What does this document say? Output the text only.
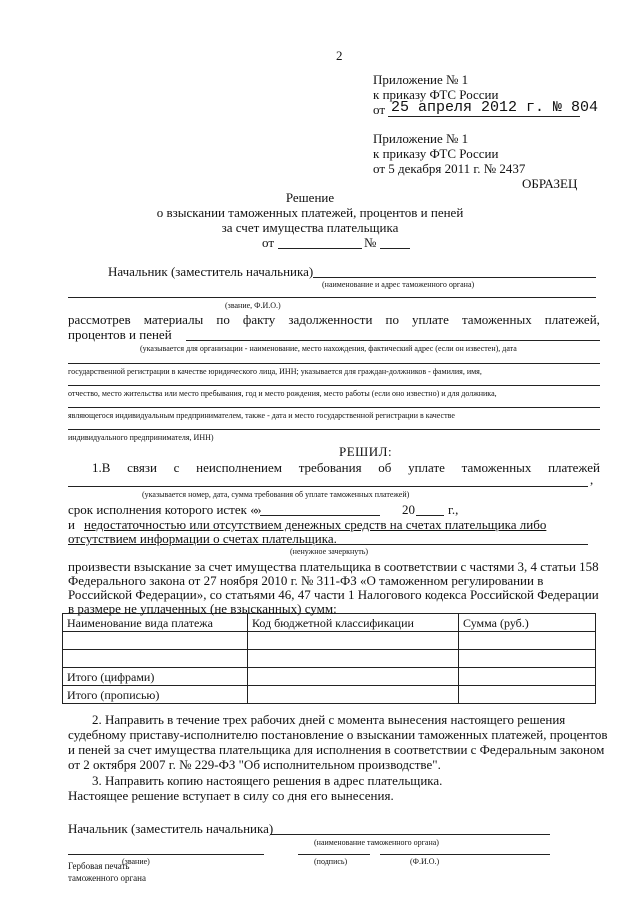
2
Приложение № 1
к приказу ФТС России
от 25 апреля 2012 г. № 804
Приложение № 1
к приказу ФТС России
от 5 декабря 2011 г. № 2437
ОБРАЗЕЦ
Решение
о взыскании таможенных платежей, процентов и пеней
за счет имущества плательщика
от	№
Начальник (заместитель начальника)
(наименование и адрес таможенного органа)
(звание, Ф.И.О.)
рассмотрев материалы по факту задолженности по уплате таможенных платежей,
процентов и пеней
(указывается для организации - наименование, место нахождения, фактический адрес (если он известен), дата
государственной регистрации в качестве юридического лица, ИНН; указывается для граждан-должников - фамилия, имя,
отчество, место жительства или место пребывания, год и место рождения, место работы (если оно известно) и для должника,
являющегося индивидуальным предпринимателем, также - дата и место государственной регистрации в качестве
индивидуального предпринимателя, ИНН)
РЕШИЛ:
1.В связи с неисполнением требования об уплате таможенных платежей
,
(указывается номер, дата, сумма требования об уплате таможенных платежей)
срок исполнения которого истек «
»	20	г.,
и недостаточностью или отсутствием денежных средств на счетах плательщика либо
отсутствием информации о счетах плательщика.
(ненужное зачеркнуть)
произвести взыскание за счет имущества плательщика в соответствии с частями 3, 4 статьи 158
Федерального закона от 27 ноября 2010 г. № 311-ФЗ «О таможенном регулировании в
Российской Федерации», со статьями 46, 47 части 1 Налогового кодекса Российской Федерации
в размере не уплаченных (не взысканных) сумм:
Наименование вида платежа	Код бюджетной классификации	Сумма (руб.)

Итого (цифрами)		
Итого (прописью)		
2. Направить в течение трех рабочих дней с момента вынесения настоящего решения
судебному приставу-исполнителю постановление о взыскании таможенных платежей, процентов
и пеней за счет имущества плательщика для исполнения в соответствии с Федеральным законом
от 2 октября 2007 г. № 229-ФЗ "Об исполнительном производстве".
3. Направить копию настоящего решения в адрес плательщика.
Настоящее решение вступает в силу со дня его вынесения.
Начальник (заместитель начальника)
(наименование таможенного органа)
(звание)	(подпись)	(Ф.И.О.)
Гербовая печать
таможенного органа
